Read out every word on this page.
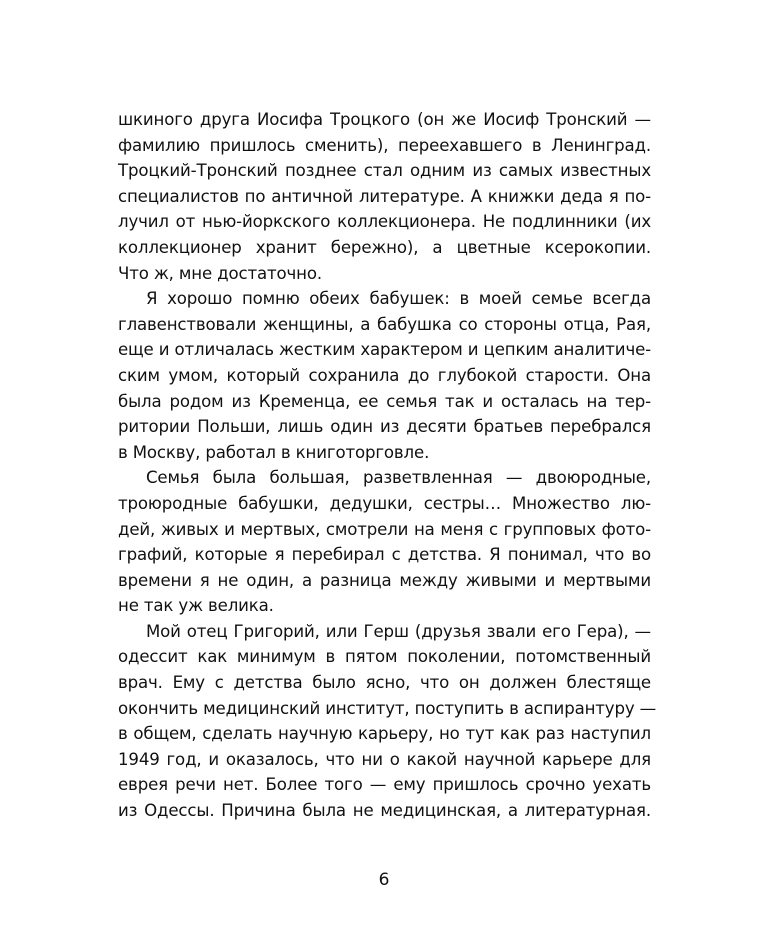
шкиного друга Иосифа Троцкого (он же Иосиф Тронский —
фамилию пришлось сменить), переехавшего в Ленинград.
Троцкий-Тронский позднее стал одним из самых известных
специалистов по античной литературе. А книжки деда я по-
лучил от нью-йоркского коллекционера. Не подлинники (их
коллекционер хранит бережно), а цветные ксерокопии.
Что ж, мне достаточно.
Я хорошо помню обеих бабушек: в моей семье всегда
главенствовали женщины, а бабушка со стороны отца, Рая,
еще и отличалась жестким характером и цепким аналитиче-
ским умом, который сохранила до глубокой старости. Она
была родом из Кременца, ее семья так и осталась на тер-
ритории Польши, лишь один из десяти братьев перебрался
в Москву, работал в книготорговле.
Семья была большая, разветвленная — двоюродные,
троюродные бабушки, дедушки, сестры… Множество лю-
дей, живых и мертвых, смотрели на меня с групповых фото-
графий, которые я перебирал с детства. Я понимал, что во
времени я не один, а разница между живыми и мертвыми
не так уж велика.
Мой отец Григорий, или Герш (друзья звали его Гера), —
одессит как минимум в пятом поколении, потомственный
врач. Ему с детства было ясно, что он должен блестяще
окончить медицинский институт, поступить в аспирантуру —
в общем, сделать научную карьеру, но тут как раз наступил
1949 год, и оказалось, что ни о какой научной карьере для
еврея речи нет. Более того — ему пришлось срочно уехать
из Одессы. Причина была не медицинская, а литературная.
6
